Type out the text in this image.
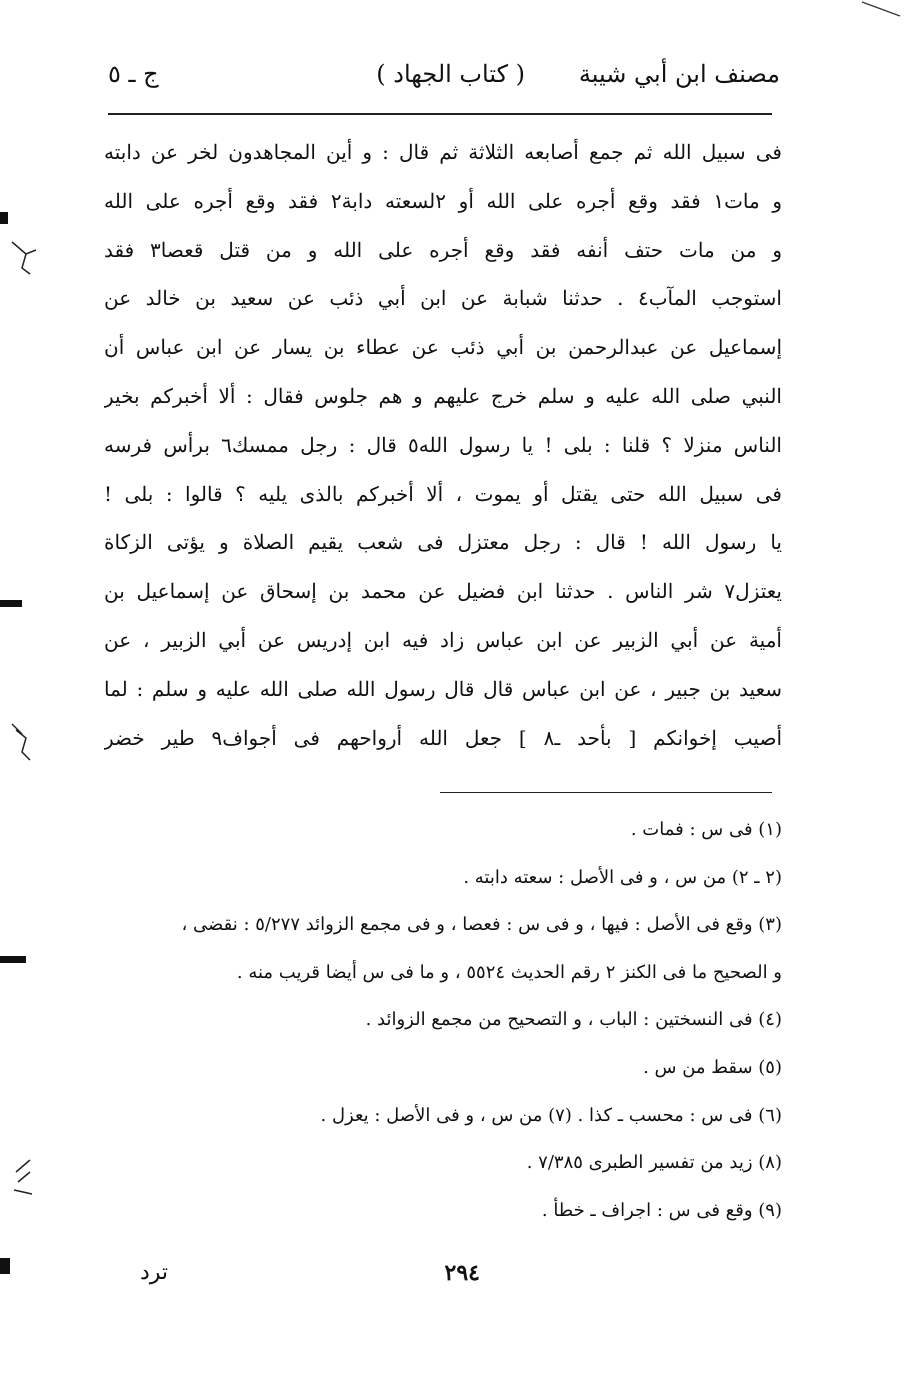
مصنف ابن أبي شيبة
( كتاب الجهاد )
ج ـ ٥
فى سبيل الله ثم جمع أصابعه الثلاثة ثم قال : و أين المجاهدون لخر عن دابته
و مات١ فقد وقع أجره على الله أو ٢لسعته دابة٢ فقد وقع أجره على الله
و من مات حتف أنفه فقد وقع أجره على الله و من قتل قعصا٣ فقد
استوجب المآب٤ . حدثنا شبابة عن ابن أبي ذئب عن سعيد بن خالد عن
إسماعيل عن عبدالرحمن بن أبي ذئب عن عطاء بن يسار عن ابن عباس أن
النبي صلى الله عليه و سلم خرج عليهم و هم جلوس فقال : ألا أخبركم بخير
الناس منزلا ؟ قلنا : بلى ! يا رسول الله٥ قال : رجل ممسك٦ برأس فرسه
فى سبيل الله حتى يقتل أو يموت ، ألا أخبركم بالذى يليه ؟ قالوا : بلى !
يا رسول الله ! قال : رجل معتزل فى شعب يقيم الصلاة و يؤتى الزكاة
يعتزل٧ شر الناس . حدثنا ابن فضيل عن محمد بن إسحاق عن إسماعيل بن
أمية عن أبي الزبير عن ابن عباس زاد فيه ابن إدريس عن أبي الزبير ، عن
سعيد بن جبير ، عن ابن عباس قال قال رسول الله صلى الله عليه و سلم : لما
أصيب إخوانكم [ بأحد ـ٨ ] جعل الله أرواحهم فى أجواف٩ طير خضر
(١) فى س : فمات .
(٢ ـ ٢) من س ، و فى الأصل : سعته دابته .
(٣) وقع فى الأصل : فيها ، و فى س : فعصا ، و فى مجمع الزوائد ٥/٢٧٧ : نقضى ،
و الصحيح ما فى الكنز ٢ رقم الحديث ٥٥٢٤ ، و ما فى س أيضا قريب منه .
(٤) فى النسختين : الباب ، و التصحيح من مجمع الزوائد .
(٥) سقط من س .
(٦) فى س : محسب ـ كذا . (٧) من س ، و فى الأصل : يعزل .
(٨) زيد من تفسير الطبرى ٧/٣٨٥ .
(٩) وقع فى س : اجراف ـ خطأ .
٢٩٤
ترد
